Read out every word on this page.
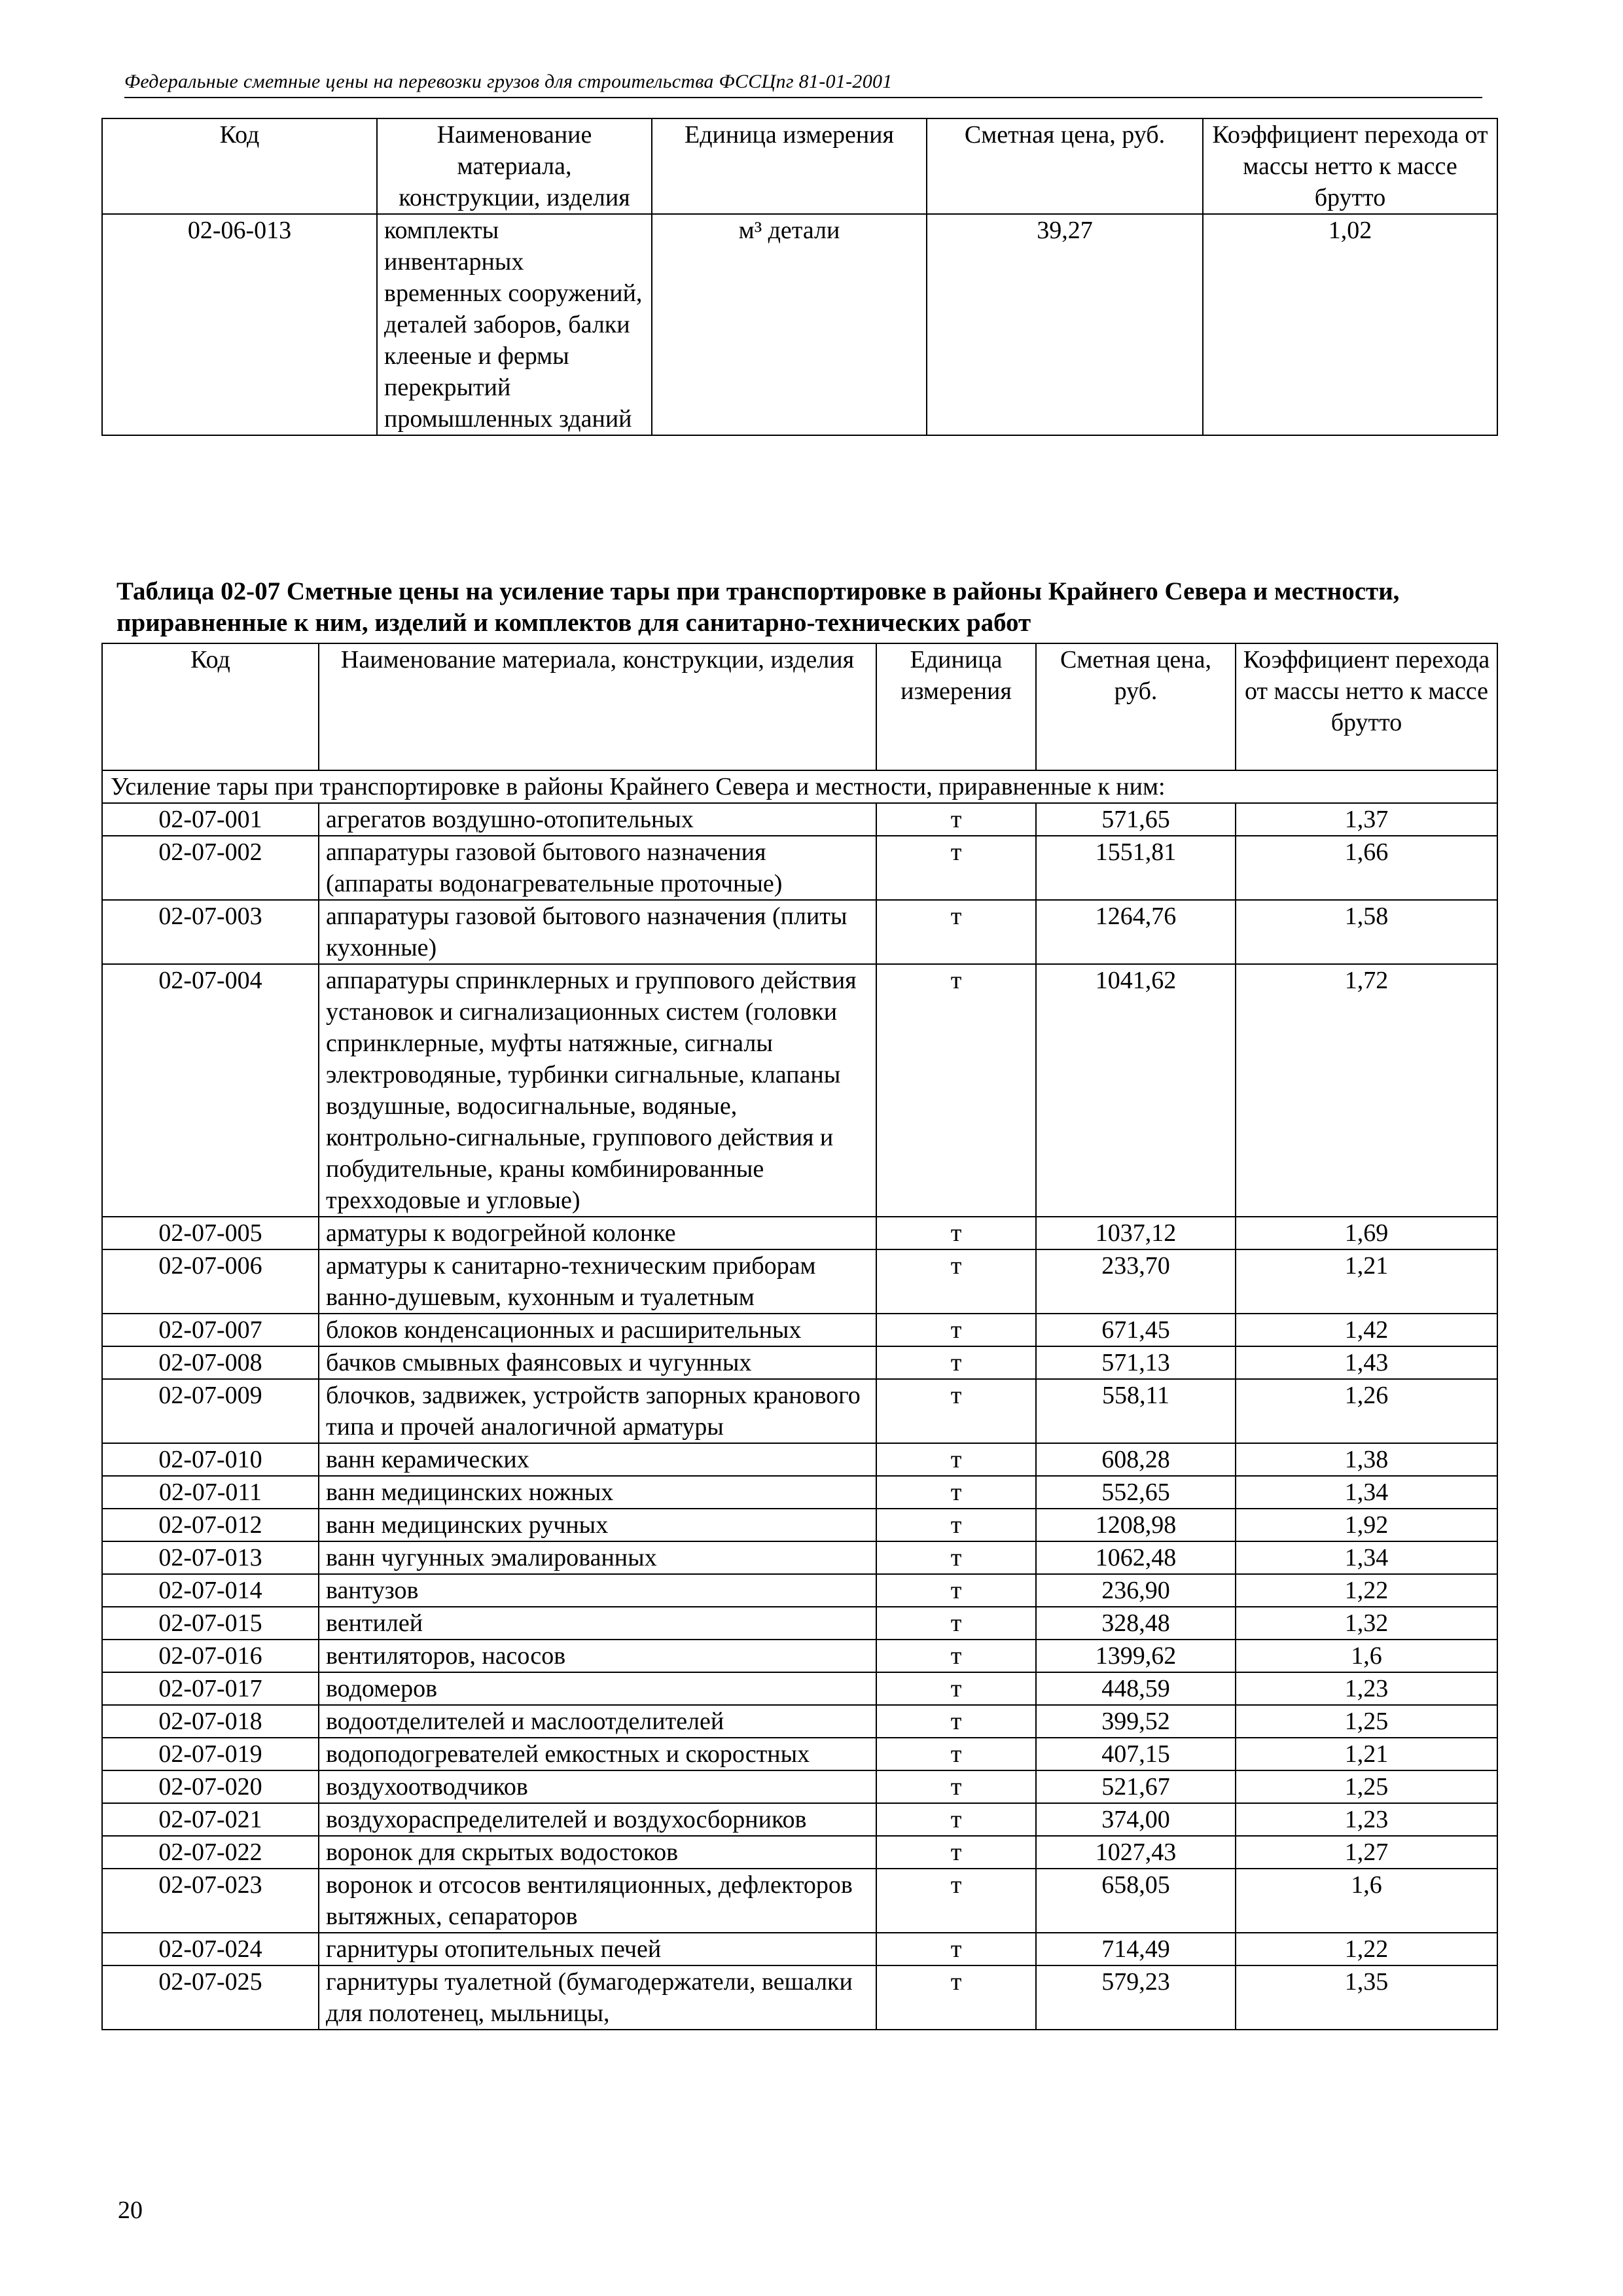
Федеральные сметные цены на перевозки грузов для строительства ФССЦпг 81-01-2001
Код	Наименование материала, конструкции, изделия	Единица измерения	Сметная цена, руб.	Коэффициент перехода от массы нетто к массе брутто
02-06-013	комплекты инвентарных временных сооружений, деталей заборов, балки клееные и фермы перекрытий промышленных зданий	м³ детали	39,27	1,02
Таблица 02-07 Сметные цены на усиление тары при транспортировке в районы Крайнего Севера и местности, приравненные к ним, изделий и комплектов для санитарно-технических работ
Код	Наименование материала, конструкции, изделия	Единица измерения	Сметная цена, руб.	Коэффициент перехода от массы нетто к массе брутто
Усиление тары при транспортировке в районы Крайнего Севера и местности, приравненные к ним:				
02-07-001	агрегатов воздушно-отопительных	т	571,65	1,37
02-07-002	аппаратуры газовой бытового назначения (аппараты водонагревательные проточные)	т	1551,81	1,66
02-07-003	аппаратуры газовой бытового назначения (плиты кухонные)	т	1264,76	1,58
02-07-004	аппаратуры спринклерных и группового действия установок и сигнализационных систем (головки спринклерные, муфты натяжные, сигналы электроводяные, турбинки сигнальные, клапаны воздушные, водосигнальные, водяные, контрольно-сигнальные, группового действия и побудительные, краны комбинированные трехходовые и угловые)	т	1041,62	1,72
02-07-005	арматуры к водогрейной колонке	т	1037,12	1,69
02-07-006	арматуры к санитарно-техническим приборам ванно-душевым, кухонным и туалетным	т	233,70	1,21
02-07-007	блоков конденсационных и расширительных	т	671,45	1,42
02-07-008	бачков смывных фаянсовых и чугунных	т	571,13	1,43
02-07-009	блочков, задвижек, устройств запорных кранового типа и прочей аналогичной арматуры	т	558,11	1,26
02-07-010	ванн керамических	т	608,28	1,38
02-07-011	ванн медицинских ножных	т	552,65	1,34
02-07-012	ванн медицинских ручных	т	1208,98	1,92
02-07-013	ванн чугунных эмалированных	т	1062,48	1,34
02-07-014	вантузов	т	236,90	1,22
02-07-015	вентилей	т	328,48	1,32
02-07-016	вентиляторов, насосов	т	1399,62	1,6
02-07-017	водомеров	т	448,59	1,23
02-07-018	водоотделителей и маслоотделителей	т	399,52	1,25
02-07-019	водоподогревателей емкостных и скоростных	т	407,15	1,21
02-07-020	воздухоотводчиков	т	521,67	1,25
02-07-021	воздухораспределителей и воздухосборников	т	374,00	1,23
02-07-022	воронок для скрытых водостоков	т	1027,43	1,27
02-07-023	воронок и отсосов вентиляционных, дефлекторов вытяжных, сепараторов	т	658,05	1,6
02-07-024	гарнитуры отопительных печей	т	714,49	1,22
02-07-025	гарнитуры туалетной (бумагодержатели, вешалки для полотенец, мыльницы,	т	579,23	1,35
20
